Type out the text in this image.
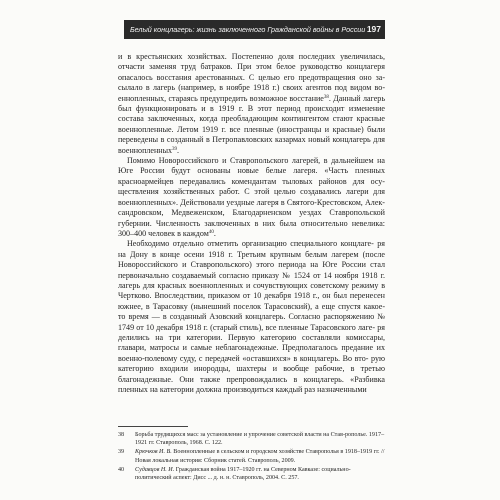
Белый концлагерь: жизнь заключенного Гражданской войны в России 197

и в крестьянских хозяйствах. Постепенно доля последних увеличилась, отчасти заменяя труд батраков. При этом белое руководство концлагеря опасалось восстания арестованных. С целью его предотвращения оно за- сылало в лагерь (например, в ноябре 1918 г.) своих агентов под видом во- еннопленных, стараясь предупредить возможное восстание$^{38}$. Данный лагерь был функционировать и в 1919 г. В этот период происходит изменение состава заключенных, когда преобладающим контингентом стают красные военнопленные. Летом 1919 г. все пленные (иностранцы и красные) были переведены в созданный в Петропавловских казармах новый концлагерь для военнопленных$^{39}$.

Помимо Новороссийского и Ставропольского лагерей, в дальнейшем на Юге России будут основаны новые белые лагеря. «Часть пленных красноармейцев передавались комендантам тыловых районов для осу- ществления хозяйственных работ. С этой целью создавались лагери для военнопленных». Действовали уездные лагеря в Святого-Крестовском, Алек- сандровском, Медвеженском, Благодарненском уездах Ставропольской губернии. Численность заключенных в них была относительно невелика: 300–400 человек в каждом$^{40}$.

Необходимо отдельно отметить организацию специального концлаге- ря на Дону в конце осени 1918 г. Третьим крупным белым лагерем (после Новороссийского и Ставропольского) этого периода на Юге России стал первоначально создаваемый согласно приказу № 1524 от 14 ноября 1918 г. лагерь для красных военнопленных и сочувствующих советскому режиму в Чертково. Впоследствии, приказом от 10 декабря 1918 г., он был перенесен южнее, в Тарасовку (нынешний поселок Тарасовский), а еще спустя какое- то время — в созданный Азовский концлагерь. Согласно распоряжению № 1749 от 10 декабря 1918 г. (старый стиль), все пленные Тарасовского лаге- ря делились на три категории. Первую категорию составляли комиссары, главари, матросы и самые неблагонадежные. Предполагалось предание их военно-полевому суду, с передачей «оставшихся» в концлагерь. Во вто- рую категорию входили инородцы, шахтеры и вообще рабочие, в третью благонадежные. Они также препровождались в концлагерь. «Разбивка пленных на категории должна производиться каждый раз назначенными

38 Борьба трудящихся масс за установление и упрочение советской власти на Став-ропольe. 1917–1921 гг. Ставрополь, 1968. С. 122.
39 Крючков И. В. Военнопленные в сельском и городском хозяйстве Ставрополья в 1918–1919 гг. // Новая локальная история: Сборник статей. Ставрополь, 2009.
40 Судавцов Н. И. Гражданская война 1917–1920 гг. на Северном Кавказе: социально-политический аспект: Дисс ... д. н. н. Ставрополь, 2004. С. 257.
